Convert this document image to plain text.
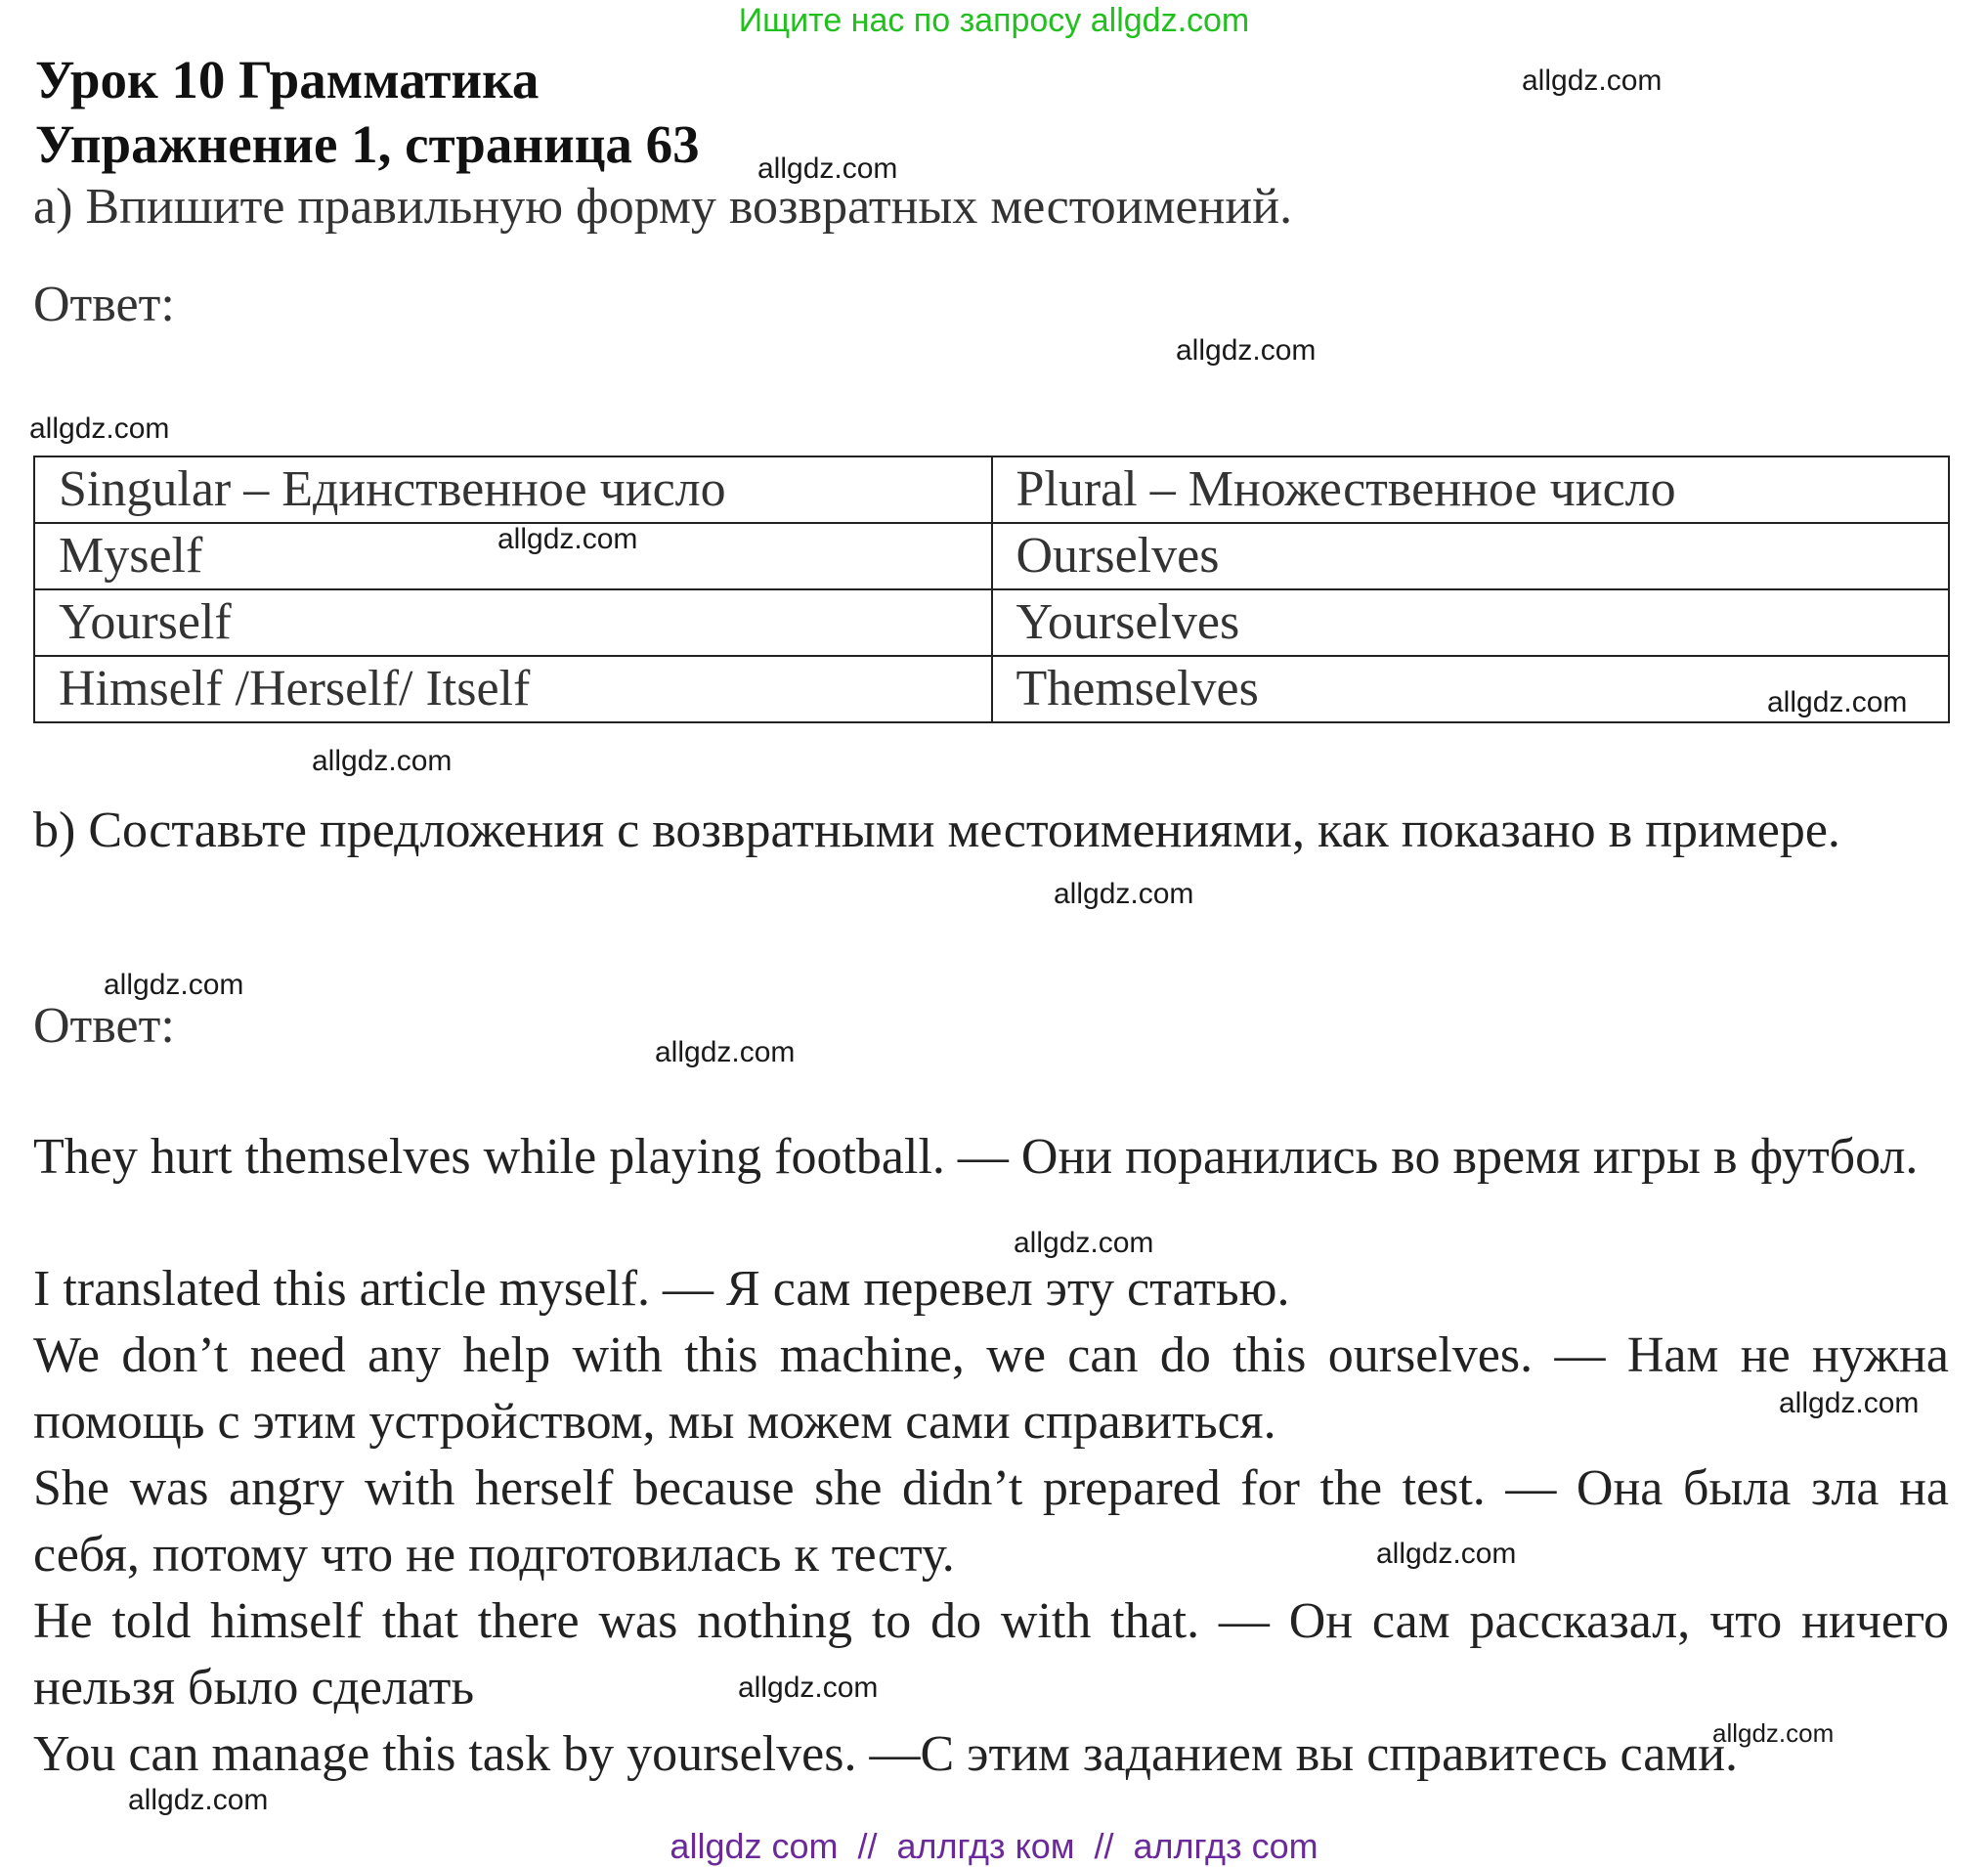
Ищите нас по запросу allgdz.com
Урок 10 Грамматика
Упражнение 1, страница 63
a) Впишите правильную форму возвратных местоимений.
Ответ:
Singular – Единственное число	Plural – Множественное число
Myself	Ourselves
Yourself	Yourselves
Himself /Herself/ Itself	Themselves
b) Составьте предложения с возвратными местоимениями, как показано в примере.
Ответ:
They hurt themselves while playing football. — Они поранились во время игры в футбол.
I translated this article myself. — Я сам перевел эту статью.
We don’t need any help with this machine, we can do this ourselves. — Нам не нужна помощь с этим устройством, мы можем сами справиться.
She was angry with herself because she didn’t prepared for the test. — Она была зла на себя, потому что не подготовилась к тесту.
He told himself that there was nothing to do with that. — Он сам рассказал, что ничего нельзя было сделать
You can manage this task by yourselves. —С этим заданием вы справитесь сами.
allgdz.com
allgdz.com
allgdz.com
allgdz.com
allgdz.com
allgdz.com
allgdz.com
allgdz.com
allgdz.com
allgdz.com
allgdz.com
allgdz.com
allgdz.com
allgdz.com
allgdz.com
allgdz.com
allgdz com  //  аллгдз ком  //  аллгдз com
